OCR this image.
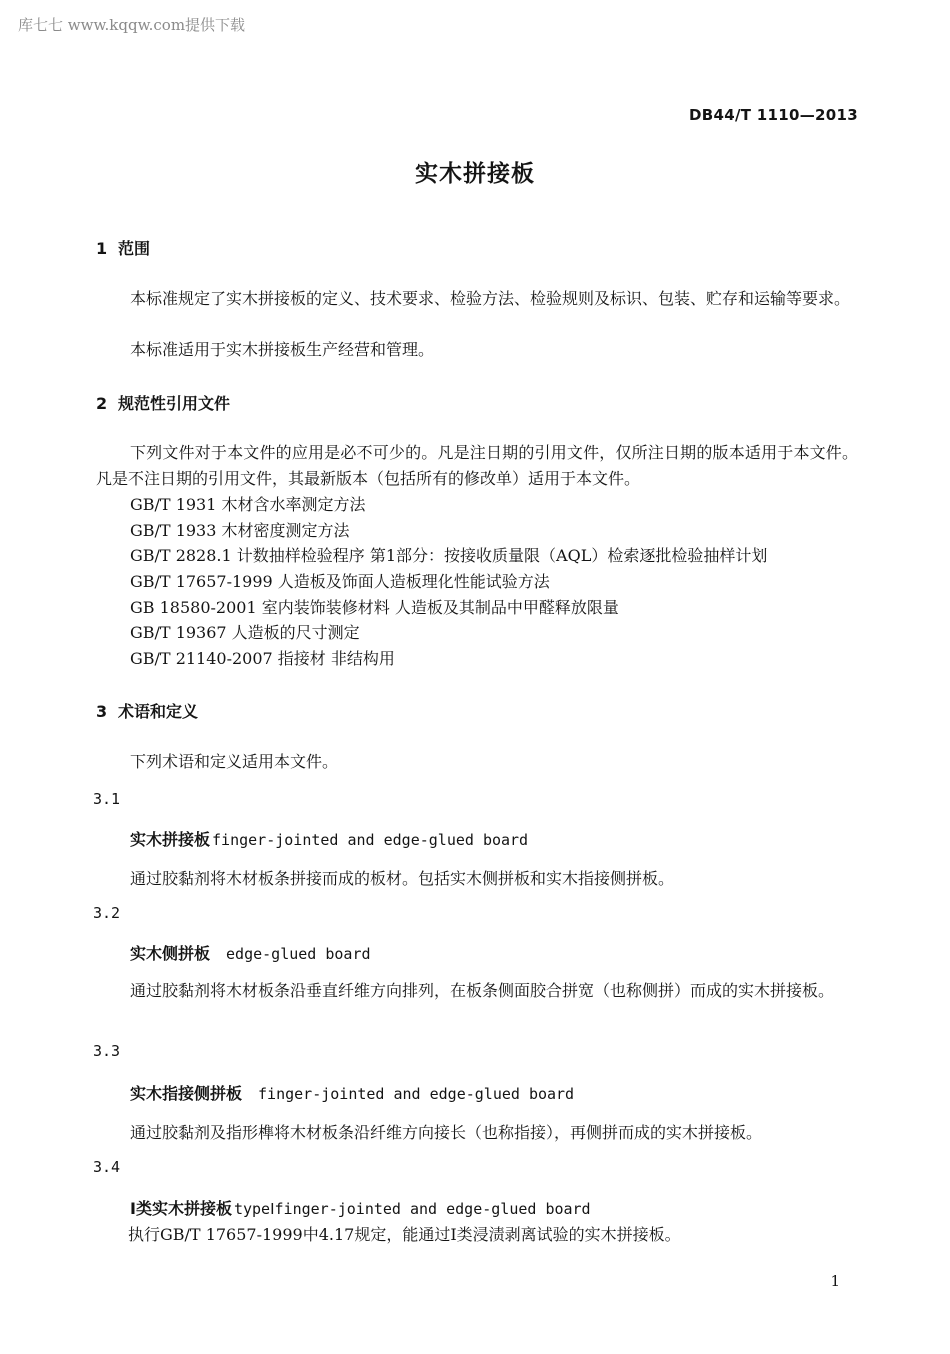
库七七 www.kqqw.com提供下载
DB44/T 1110—2013
实木拼接板
1 范围
本标准规定了实木拼接板的定义、技术要求、检验方法、检验规则及标识、包装、贮存和运输等要求。
本标准适用于实木拼接板生产经营和管理。
2 规范性引用文件
下列文件对于本文件的应用是必不可少的。凡是注日期的引用文件，仅所注日期的版本适用于本文件。凡是不注日期的引用文件，其最新版本（包括所有的修改单）适用于本文件。
GB/T 1931 木材含水率测定方法
GB/T 1933 木材密度测定方法
GB/T 2828.1 计数抽样检验程序 第1部分：按接收质量限（AQL）检索逐批检验抽样计划
GB/T 17657-1999 人造板及饰面人造板理化性能试验方法
GB 18580-2001 室内装饰装修材料 人造板及其制品中甲醛释放限量
GB/T 19367 人造板的尺寸测定
GB/T 21140-2007 指接材 非结构用
3 术语和定义
下列术语和定义适用本文件。
3.1
实木拼接板 finger-jointed and edge-glued board
通过胶黏剂将木材板条拼接而成的板材。包括实木侧拼板和实木指接侧拼板。
3.2
实木侧拼板 edge-glued board
通过胶黏剂将木材板条沿垂直纤维方向排列，在板条侧面胶合拼宽（也称侧拼）而成的实木拼接板。
3.3
实木指接侧拼板 finger-jointed and edge-glued board
通过胶黏剂及指形榫将木材板条沿纤维方向接长（也称指接），再侧拼而成的实木拼接板。
3.4
Ⅰ类实木拼接板 typeⅠfinger-jointed and edge-glued board
执行GB/T 17657-1999中4.17规定，能通过Ⅰ类浸渍剥离试验的实木拼接板。
1
